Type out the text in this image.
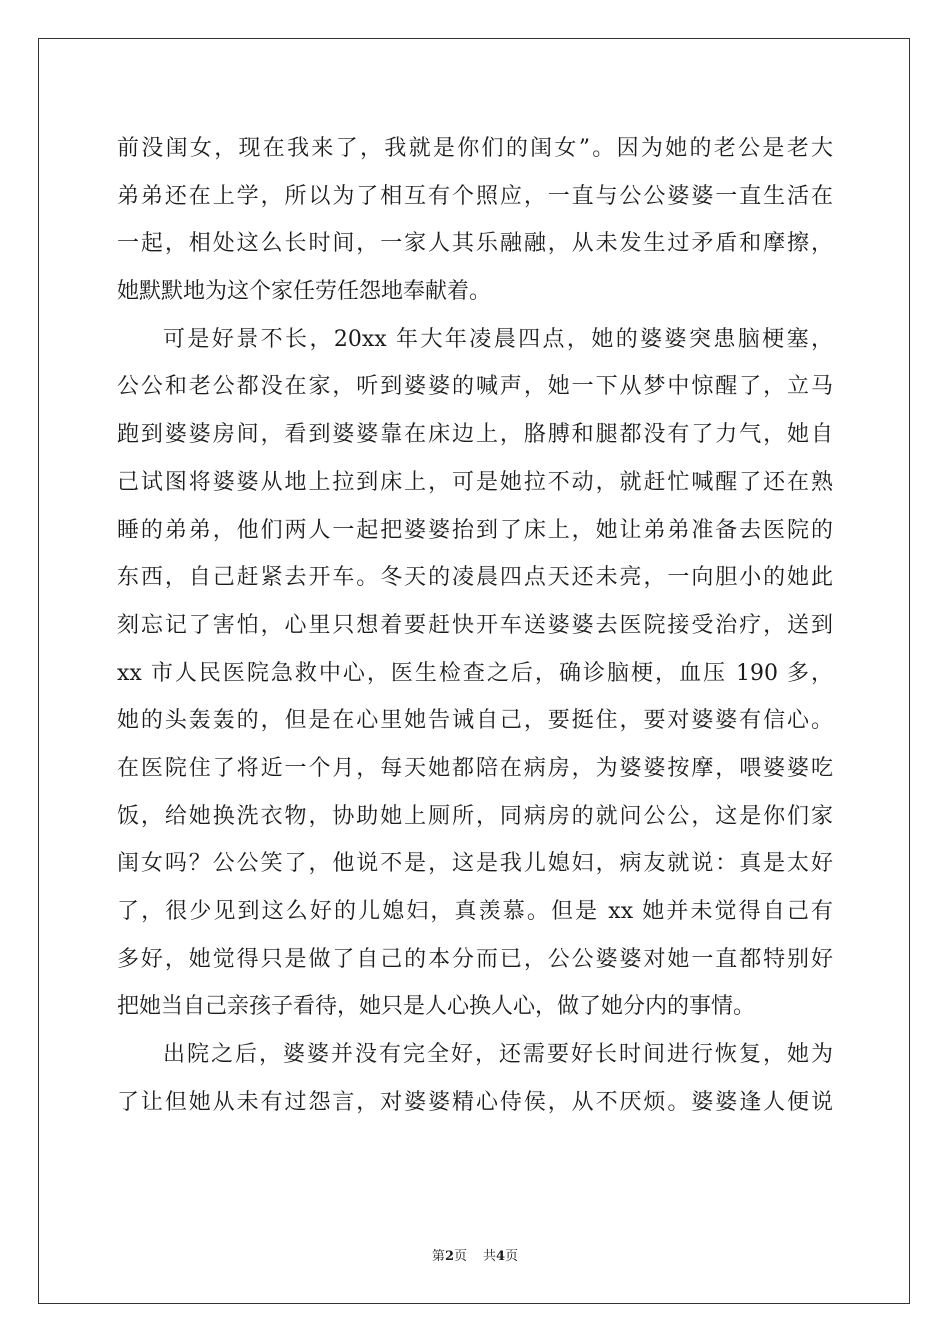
前没闺女，现在我来了，我就是你们的闺女”。因为她的老公是老大
弟弟还在上学，所以为了相互有个照应，一直与公公婆婆一直生活在
一起，相处这么长时间，一家人其乐融融，从未发生过矛盾和摩擦，
她默默地为这个家任劳任怨地奉献着。
可是好景不长，20xx 年大年凌晨四点，她的婆婆突患脑梗塞，
公公和老公都没在家，听到婆婆的喊声，她一下从梦中惊醒了，立马
跑到婆婆房间，看到婆婆靠在床边上，胳膊和腿都没有了力气，她自
己试图将婆婆从地上拉到床上，可是她拉不动，就赶忙喊醒了还在熟
睡的弟弟，他们两人一起把婆婆抬到了床上，她让弟弟准备去医院的
东西，自己赶紧去开车。冬天的凌晨四点天还未亮，一向胆小的她此
刻忘记了害怕，心里只想着要赶快开车送婆婆去医院接受治疗，送到
xx 市人民医院急救中心，医生检查之后，确诊脑梗，血压 190 多，
她的头轰轰的，但是在心里她告诫自己，要挺住，要对婆婆有信心。
在医院住了将近一个月，每天她都陪在病房，为婆婆按摩，喂婆婆吃
饭，给她换洗衣物，协助她上厕所，同病房的就问公公，这是你们家
闺女吗？公公笑了，他说不是，这是我儿媳妇，病友就说：真是太好
了，很少见到这么好的儿媳妇，真羡慕。但是 xx 她并未觉得自己有
多好，她觉得只是做了自己的本分而已，公公婆婆对她一直都特别好
把她当自己亲孩子看待，她只是人心换人心，做了她分内的事情。
出院之后，婆婆并没有完全好，还需要好长时间进行恢复，她为
了让但她从未有过怨言，对婆婆精心侍侯，从不厌烦。婆婆逢人便说
第2页 共4页
